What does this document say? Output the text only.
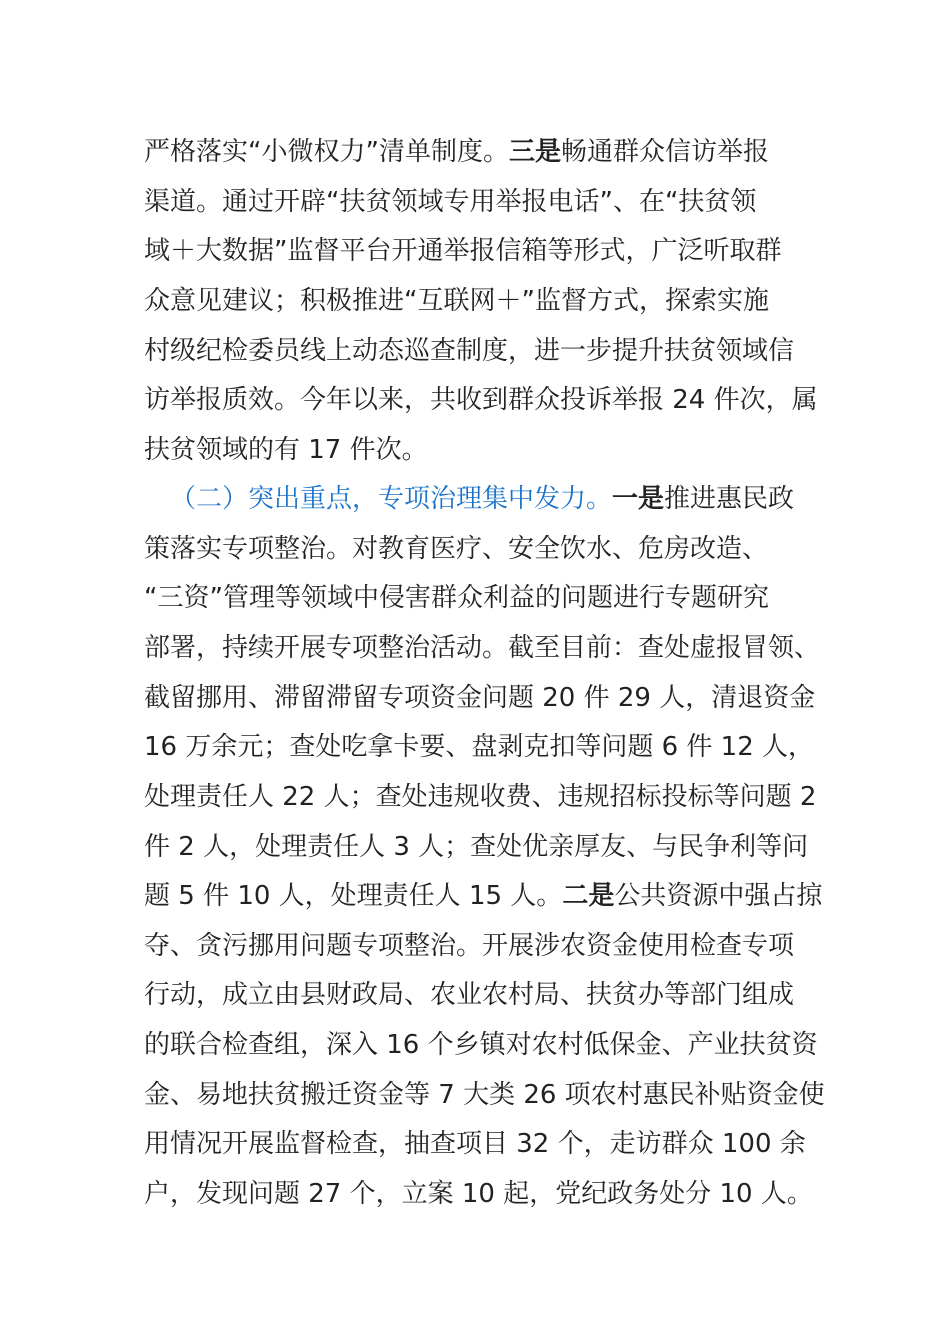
严格落实“小微权力”清单制度。三是畅通群众信访举报
渠道。通过开辟“扶贫领域专用举报电话”、在“扶贫领
域＋大数据”监督平台开通举报信箱等形式，广泛听取群
众意见建议；积极推进“互联网＋”监督方式，探索实施
村级纪检委员线上动态巡查制度，进一步提升扶贫领域信
访举报质效。今年以来，共收到群众投诉举报 24 件次，属
扶贫领域的有 17 件次。
（二）突出重点，专项治理集中发力。一是推进惠民政
策落实专项整治。对教育医疗、安全饮水、危房改造、
“三资”管理等领域中侵害群众利益的问题进行专题研究
部署，持续开展专项整治活动。截至目前：查处虚报冒领、
截留挪用、滞留滞留专项资金问题 20 件 29 人，清退资金
16 万余元；查处吃拿卡要、盘剥克扣等问题 6 件 12 人，
处理责任人 22 人；查处违规收费、违规招标投标等问题 2
件 2 人，处理责任人 3 人；查处优亲厚友、与民争利等问
题 5 件 10 人，处理责任人 15 人。二是公共资源中强占掠
夺、贪污挪用问题专项整治。开展涉农资金使用检查专项
行动，成立由县财政局、农业农村局、扶贫办等部门组成
的联合检查组，深入 16 个乡镇对农村低保金、产业扶贫资
金、易地扶贫搬迁资金等 7 大类 26 项农村惠民补贴资金使
用情况开展监督检查，抽查项目 32 个，走访群众 100 余
户，发现问题 27 个，立案 10 起，党纪政务处分 10 人。
